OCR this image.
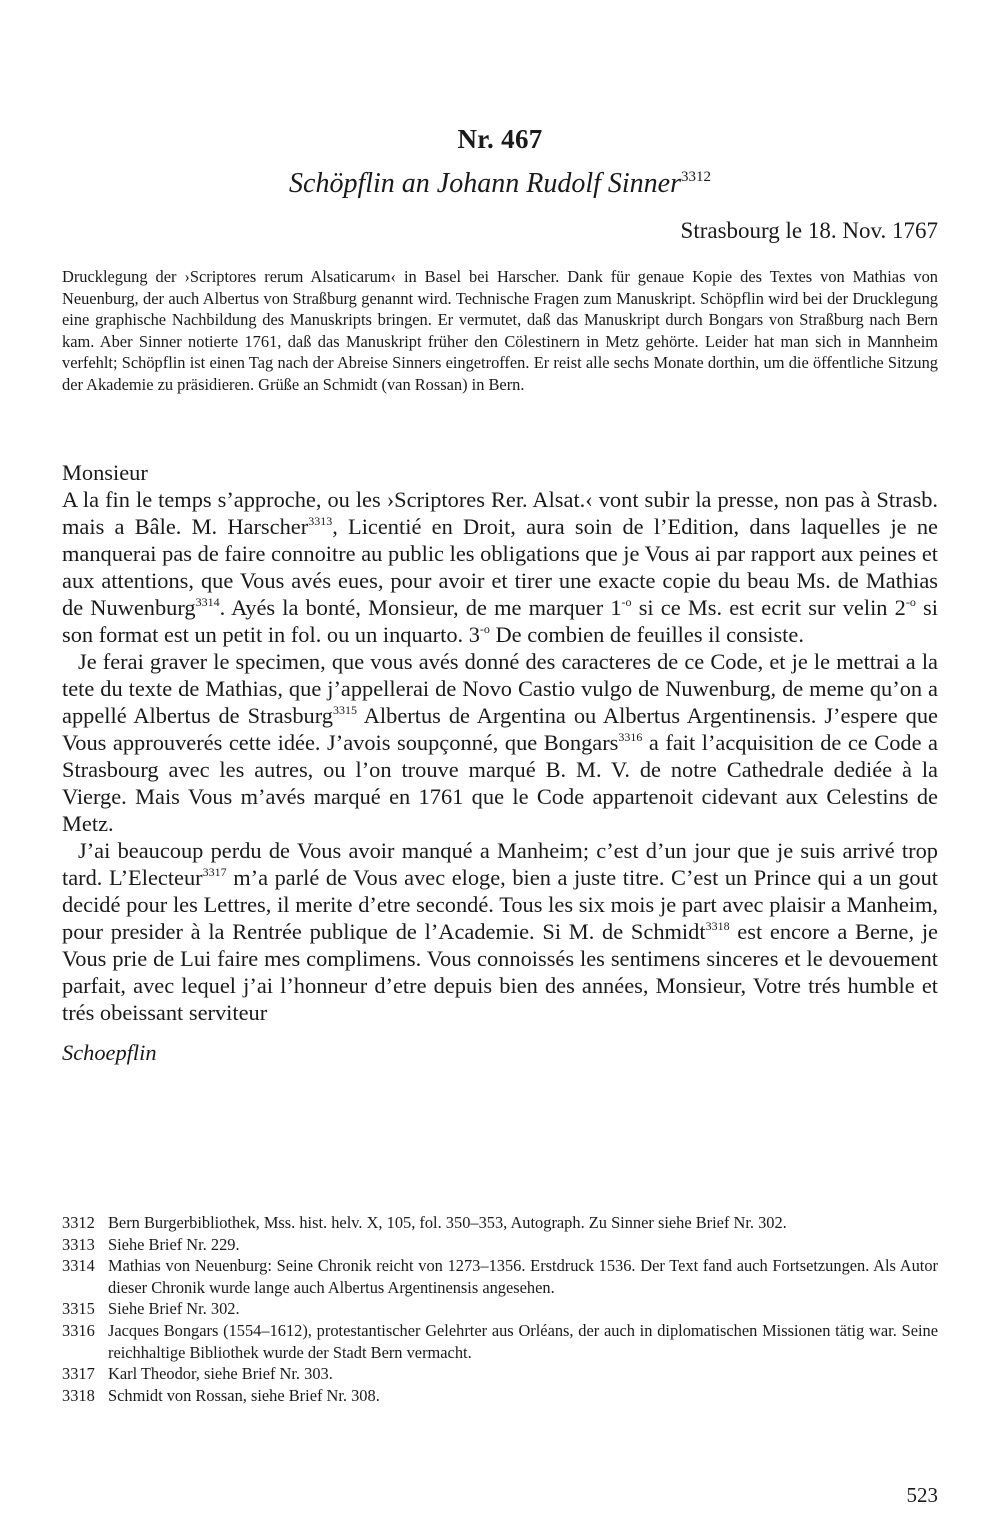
Nr. 467
Schöpflin an Johann Rudolf Sinner$^{3312}$
Strasbourg le 18. Nov. 1767

Drucklegung der ›Scriptores rerum Alsaticarum‹ in Basel bei Harscher. Dank für genaue Kopie des Textes von Mathias von Neuenburg, der auch Albertus von Straßburg genannt wird. Technische Fragen zum Manuskript. Schöpflin wird bei der Drucklegung eine graphische Nachbildung des Manuskripts bringen. Er vermutet, daß das Manuskript durch Bongars von Straßburg nach Bern kam. Aber Sinner notierte 1761, daß das Manuskript früher den Cölestinern in Metz gehörte. Leider hat man sich in Mannheim verfehlt; Schöpflin ist einen Tag nach der Abreise Sinners eingetroffen. Er reist alle sechs Monate dorthin, um die öffentliche Sitzung der Akademie zu präsidieren. Grüße an Schmidt (van Rossan) in Bern.

Monsieur

A la fin le temps s’approche, ou les ›Scriptores Rer. Alsat.‹ vont subir la presse, non pas à Strasb. mais a Bâle. M. Harscher$^{3313}$, Licentié en Droit, aura soin de l’Edition, dans laquelles je ne manquerai pas de faire connoitre au public les obligations que je Vous ai par rapport aux peines et aux attentions, que Vous avés eues, pour avoir et tirer une exacte copie du beau Ms. de Mathias de Nuwenburg$^{3314}$. Ayés la bonté, Monsieur, de me marquer $1^{-o}$ si ce Ms. est ecrit sur velin $2^{-o}$ si son format est un petit in fol. ou un inquarto. $3^{-o}$ De combien de feuilles il consiste.

Je ferai graver le specimen, que vous avés donné des caracteres de ce Code, et je le mettrai a la tete du texte de Mathias, que j’appellerai de Novo Castio vulgo de Nuwenburg, de meme qu’on a appellé Albertus de Strasburg$^{3315}$ Albertus de Argentina ou Albertus Argentinensis. J’espere que Vous approuverés cette idée. J’avois soupçonné, que Bongars$^{3316}$ a fait l’acquisition de ce Code a Strasbourg avec les autres, ou l’on trouve marqué B. M. V. de notre Cathedrale dediée à la Vierge. Mais Vous m’avés marqué en 1761 que le Code appartenoit cidevant aux Celestins de Metz.

J’ai beaucoup perdu de Vous avoir manqué a Manheim; c’est d’un jour que je suis arrivé trop tard. L’Electeur$^{3317}$ m’a parlé de Vous avec eloge, bien a juste titre. C’est un Prince qui a un gout decidé pour les Lettres, il merite d’etre secondé. Tous les six mois je part avec plaisir a Manheim, pour presider à la Rentrée publique de l’Academie. Si M. de Schmidt$^{3318}$ est encore a Berne, je Vous prie de Lui faire mes complimens. Vous connoissés les sentimens sinceres et le devouement parfait, avec lequel j’ai l’honneur d’etre depuis bien des années, Monsieur, Votre trés humble et trés obeissant serviteur

Schoepflin

3312 Bern Burgerbibliothek, Mss. hist. helv. X, 105, fol. 350–353, Autograph. Zu Sinner siehe Brief Nr. 302.

3313 Siehe Brief Nr. 229.

3314 Mathias von Neuenburg: Seine Chronik reicht von 1273–1356. Erstdruck 1536. Der Text fand auch Fortsetzungen. Als Autor dieser Chronik wurde lange auch Albertus Argentinensis angesehen.

3315 Siehe Brief Nr. 302.

3316 Jacques Bongars (1554–1612), protestantischer Gelehrter aus Orléans, der auch in diplomatischen Missionen tätig war. Seine reichhaltige Bibliothek wurde der Stadt Bern vermacht.

3317 Karl Theodor, siehe Brief Nr. 303.

3318 Schmidt von Rossan, siehe Brief Nr. 308.

523
